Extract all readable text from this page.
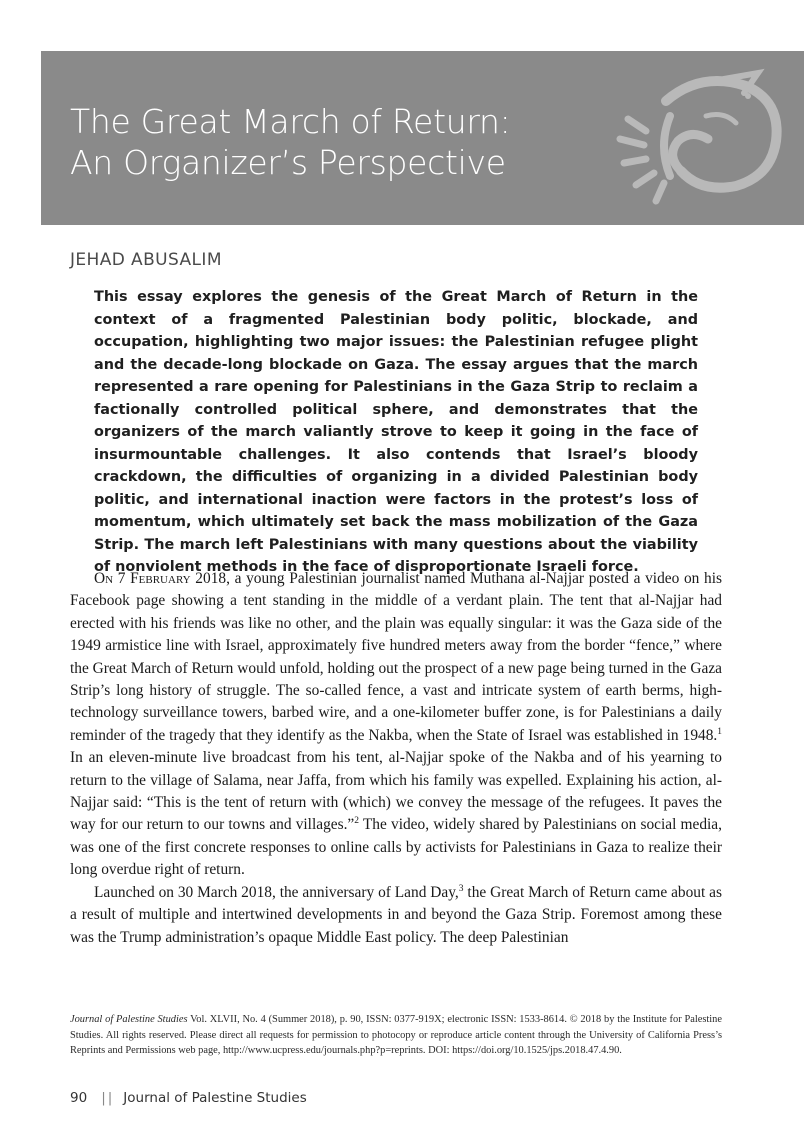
The Great March of Return:
An Organizer’s Perspective
JEHAD ABUSALIM

This essay explores the genesis of the Great March of Return in the context of a fragmented Palestinian body politic, blockade, and occupation, highlighting two major issues: the Palestinian refugee plight and the decade-long blockade on Gaza. The essay argues that the march represented a rare opening for Palestinians in the Gaza Strip to reclaim a factionally controlled political sphere, and demonstrates that the organizers of the march valiantly strove to keep it going in the face of insurmountable challenges. It also contends that Israel’s bloody crackdown, the difficulties of organizing in a divided Palestinian body politic, and international inaction were factors in the protest’s loss of momentum, which ultimately set back the mass mobilization of the Gaza Strip. The march left Palestinians with many questions about the viability of nonviolent methods in the face of disproportionate Israeli force.

On 7 February 2018, a young Palestinian journalist named Muthana al-Najjar posted a video on his Facebook page showing a tent standing in the middle of a verdant plain. The tent that al-Najjar had erected with his friends was like no other, and the plain was equally singular: it was the Gaza side of the 1949 armistice line with Israel, approximately five hundred meters away from the border “fence,” where the Great March of Return would unfold, holding out the prospect of a new page being turned in the Gaza Strip’s long history of struggle. The so-called fence, a vast and intricate system of earth berms, high-technology surveillance towers, barbed wire, and a one-kilometer buffer zone, is for Palestinians a daily reminder of the tragedy that they identify as the Nakba, when the State of Israel was established in 1948.$^1$ In an eleven-minute live broadcast from his tent, al-Najjar spoke of the Nakba and of his yearning to return to the village of Salama, near Jaffa, from which his family was expelled. Explaining his action, al-Najjar said: “This is the tent of return with (which) we convey the message of the refugees. It paves the way for our return to our towns and villages.”$^2$ The video, widely shared by Palestinians on social media, was one of the first concrete responses to online calls by activists for Palestinians in Gaza to realize their long overdue right of return.

Launched on 30 March 2018, the anniversary of Land Day,$^3$ the Great March of Return came about as a result of multiple and intertwined developments in and beyond the Gaza Strip. Foremost among these was the Trump administration’s opaque Middle East policy. The deep Palestinian

Journal of Palestine Studies Vol. XLVII, No. 4 (Summer 2018), p. 90, ISSN: 0377-919X; electronic ISSN: 1533-8614. © 2018 by the Institute for Palestine Studies. All rights reserved. Please direct all requests for permission to photocopy or reproduce article content through the University of California Press’s Reprints and Permissions web page, http://www.ucpress.edu/journals.php?p=reprints. DOI: https://doi.org/10.1525/jps.2018.47.4.90.

90 || Journal of Palestine Studies
